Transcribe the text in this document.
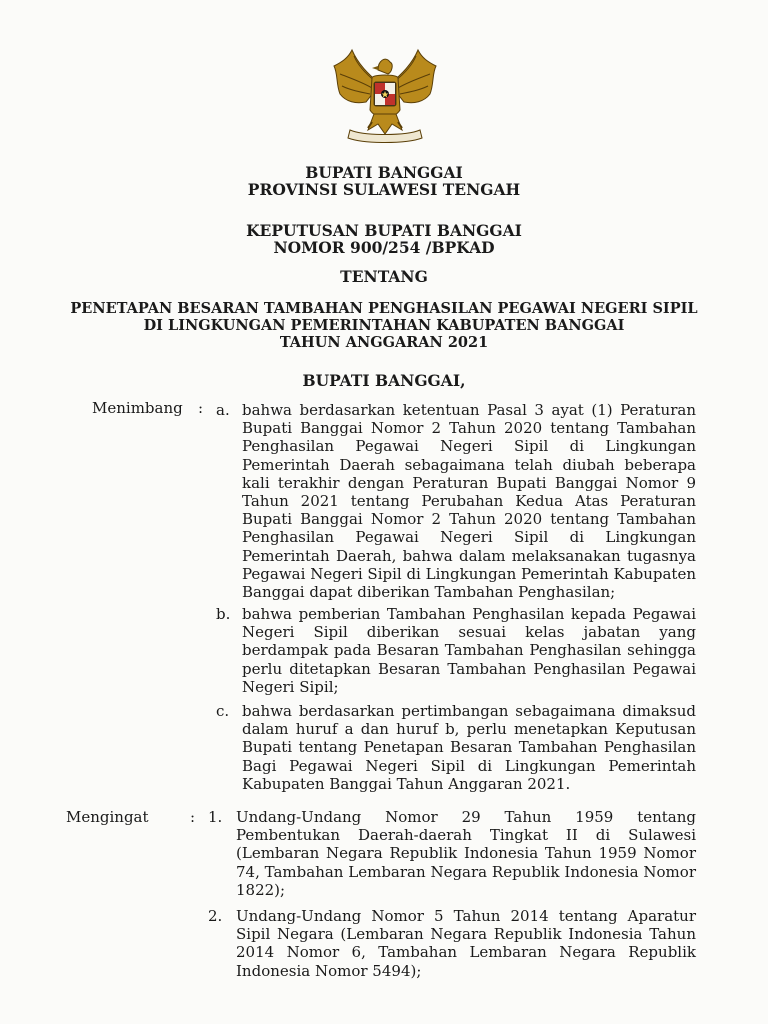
BUPATI BANGGAI
PROVINSI SULAWESI TENGAH
KEPUTUSAN BUPATI BANGGAI
NOMOR 900/254 /BPKAD
TENTANG
PENETAPAN BESARAN TAMBAHAN PENGHASILAN PEGAWAI NEGERI SIPIL
DI LINGKUNGAN PEMERINTAHAN KABUPATEN BANGGAI
TAHUN ANGGARAN 2021
BUPATI BANGGAI,
Menimbang : a. bahwa berdasarkan ketentuan Pasal 3 ayat (1) Peraturan Bupati Banggai Nomor 2 Tahun 2020 tentang Tambahan Penghasilan Pegawai Negeri Sipil di Lingkungan Pemerintah Daerah sebagaimana telah diubah beberapa kali terakhir dengan Peraturan Bupati Banggai Nomor 9 Tahun 2021 tentang Perubahan Kedua Atas Peraturan Bupati Banggai Nomor 2 Tahun 2020 tentang Tambahan Penghasilan Pegawai Negeri Sipil di Lingkungan Pemerintah Daerah, bahwa dalam melaksanakan tugasnya Pegawai Negeri Sipil di Lingkungan Pemerintah Kabupaten Banggai dapat diberikan Tambahan Penghasilan;
b. bahwa pemberian Tambahan Penghasilan kepada Pegawai Negeri Sipil diberikan sesuai kelas jabatan yang berdampak pada Besaran Tambahan Penghasilan sehingga perlu ditetapkan Besaran Tambahan Penghasilan Pegawai Negeri Sipil;
c. bahwa berdasarkan pertimbangan sebagaimana dimaksud dalam huruf a dan huruf b, perlu menetapkan Keputusan Bupati tentang Penetapan Besaran Tambahan Penghasilan Bagi Pegawai Negeri Sipil di Lingkungan Pemerintah Kabupaten Banggai Tahun Anggaran 2021.
Mengingat	: 1. Undang-Undang Nomor 29 Tahun 1959 tentang Pembentukan Daerah-daerah Tingkat II di Sulawesi (Lembaran Negara Republik Indonesia Tahun 1959 Nomor 74, Tambahan Lembaran Negara Republik Indonesia Nomor 1822);
2. Undang-Undang Nomor 5 Tahun 2014 tentang Aparatur Sipil Negara (Lembaran Negara Republik Indonesia Tahun 2014 Nomor 6, Tambahan Lembaran Negara Republik Indonesia Nomor 5494);
